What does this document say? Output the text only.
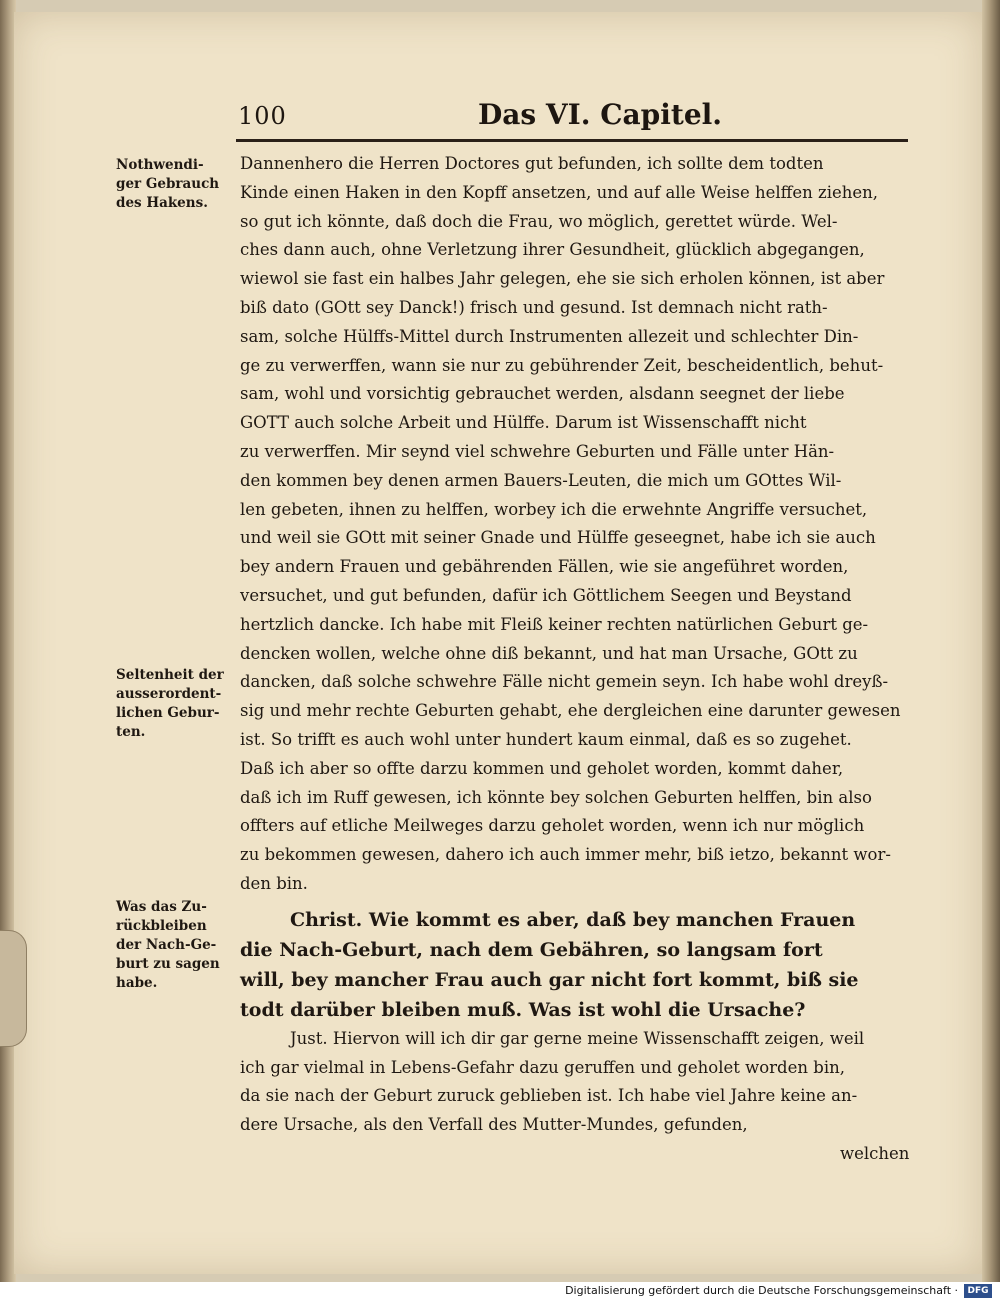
100	Das VI. Capitel.
Nothwendi-
ger Gebrauch
des Hakens.
Seltenheit der
ausserordent-
lichen Gebur-
ten.
Was das Zu-
rückbleiben
der Nach-Ge-
burt zu sagen
habe.
Dannenhero die Herren Doctores gut befunden, ich sollte dem todten
Kinde einen Haken in den Kopff ansetzen, und auf alle Weise helffen ziehen,
so gut ich könnte, daß doch die Frau, wo möglich, gerettet würde. Wel-
ches dann auch, ohne Verletzung ihrer Gesundheit, glücklich abgegangen,
wiewol sie fast ein halbes Jahr gelegen, ehe sie sich erholen können, ist aber
biß dato (GOtt sey Danck!) frisch und gesund. Ist demnach nicht rath-
sam, solche Hülffs-Mittel durch Instrumenten allezeit und schlechter Din-
ge zu verwerffen, wann sie nur zu gebührender Zeit, bescheidentlich, behut-
sam, wohl und vorsichtig gebrauchet werden, alsdann seegnet der liebe
GOTT auch solche Arbeit und Hülffe. Darum ist Wissenschafft nicht
zu verwerffen. Mir seynd viel schwehre Geburten und Fälle unter Hän-
den kommen bey denen armen Bauers-Leuten, die mich um GOttes Wil-
len gebeten, ihnen zu helffen, worbey ich die erwehnte Angriffe versuchet,
und weil sie GOtt mit seiner Gnade und Hülffe geseegnet, habe ich sie auch
bey andern Frauen und gebährenden Fällen, wie sie angeführet worden,
versuchet, und gut befunden, dafür ich Göttlichem Seegen und Beystand
hertzlich dancke. Ich habe mit Fleiß keiner rechten natürlichen Geburt ge-
dencken wollen, welche ohne diß bekannt, und hat man Ursache, GOtt zu
dancken, daß solche schwehre Fälle nicht gemein seyn. Ich habe wohl dreyß-
sig und mehr rechte Geburten gehabt, ehe dergleichen eine darunter gewesen
ist. So trifft es auch wohl unter hundert kaum einmal, daß es so zugehet.
Daß ich aber so offte darzu kommen und geholet worden, kommt daher,
daß ich im Ruff gewesen, ich könnte bey solchen Geburten helffen, bin also
offters auf etliche Meilweges darzu geholet worden, wenn ich nur möglich
zu bekommen gewesen, dahero ich auch immer mehr, biß ietzo, bekannt wor-
den bin.
Christ. Wie kommt es aber, daß bey manchen Frauen
die Nach-Geburt, nach dem Gebähren, so langsam fort
will, bey mancher Frau auch gar nicht fort kommt, biß sie
todt darüber bleiben muß. Was ist wohl die Ursache?
Just. Hiervon will ich dir gar gerne meine Wissenschafft zeigen, weil
ich gar vielmal in Lebens-Gefahr dazu geruffen und geholet worden bin,
da sie nach der Geburt zuruck geblieben ist. Ich habe viel Jahre keine an-
dere Ursache, als den Verfall des Mutter-Mundes, gefunden,
welchen
Digitalisierung gefördert durch die Deutsche Forschungsgemeinschaft ·	DFG
